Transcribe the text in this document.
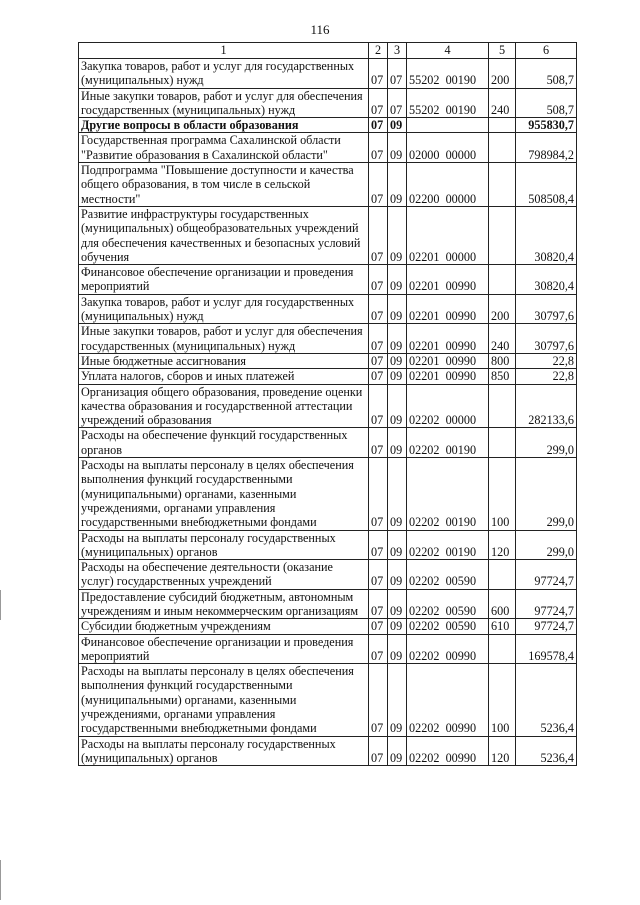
116
1	2	3	4	5	6
Закупка товаров, работ и услуг для государственных (муниципальных) нужд	07	07	55202  00190	200	508,7
Иные закупки товаров, работ и услуг для обеспечения государственных (муниципальных) нужд	07	07	55202  00190	240	508,7
Другие вопросы в области образования	07	09			955830,7
Государственная программа Сахалинской области "Развитие образования в Сахалинской области"	07	09	02000  00000		798984,2
Подпрограмма "Повышение доступности и качества общего образования, в том числе в сельской местности"	07	09	02200  00000		508508,4
Развитие инфраструктуры государственных (муниципальных) общеобразовательных учреждений для обеспечения качественных и безопасных условий обучения	07	09	02201  00000		30820,4
Финансовое обеспечение организации и проведения мероприятий	07	09	02201  00990		30820,4
Закупка товаров, работ и услуг для государственных (муниципальных) нужд	07	09	02201  00990	200	30797,6
Иные закупки товаров, работ и услуг для обеспечения государственных (муниципальных) нужд	07	09	02201  00990	240	30797,6
Иные бюджетные ассигнования	07	09	02201  00990	800	22,8
Уплата налогов, сборов и иных платежей	07	09	02201  00990	850	22,8
Организация общего образования, проведение оценки качества образования и государственной аттестации учреждений образования	07	09	02202  00000		282133,6
Расходы на обеспечение функций государственных органов	07	09	02202  00190		299,0
Расходы на выплаты персоналу в целях обеспечения выполнения функций государственными (муниципальными) органами, казенными учреждениями, органами управления государственными внебюджетными фондами	07	09	02202  00190	100	299,0
Расходы на выплаты персоналу государственных (муниципальных) органов	07	09	02202  00190	120	299,0
Расходы на обеспечение деятельности (оказание услуг) государственных учреждений	07	09	02202  00590		97724,7
Предоставление субсидий бюджетным, автономным учреждениям и иным некоммерческим организациям	07	09	02202  00590	600	97724,7
Субсидии бюджетным учреждениям	07	09	02202  00590	610	97724,7
Финансовое обеспечение организации и проведения мероприятий	07	09	02202  00990		169578,4
Расходы на выплаты персоналу в целях обеспечения выполнения функций государственными (муниципальными) органами, казенными учреждениями, органами управления государственными внебюджетными фондами	07	09	02202  00990	100	5236,4
Расходы на выплаты персоналу государственных (муниципальных) органов	07	09	02202  00990	120	5236,4
